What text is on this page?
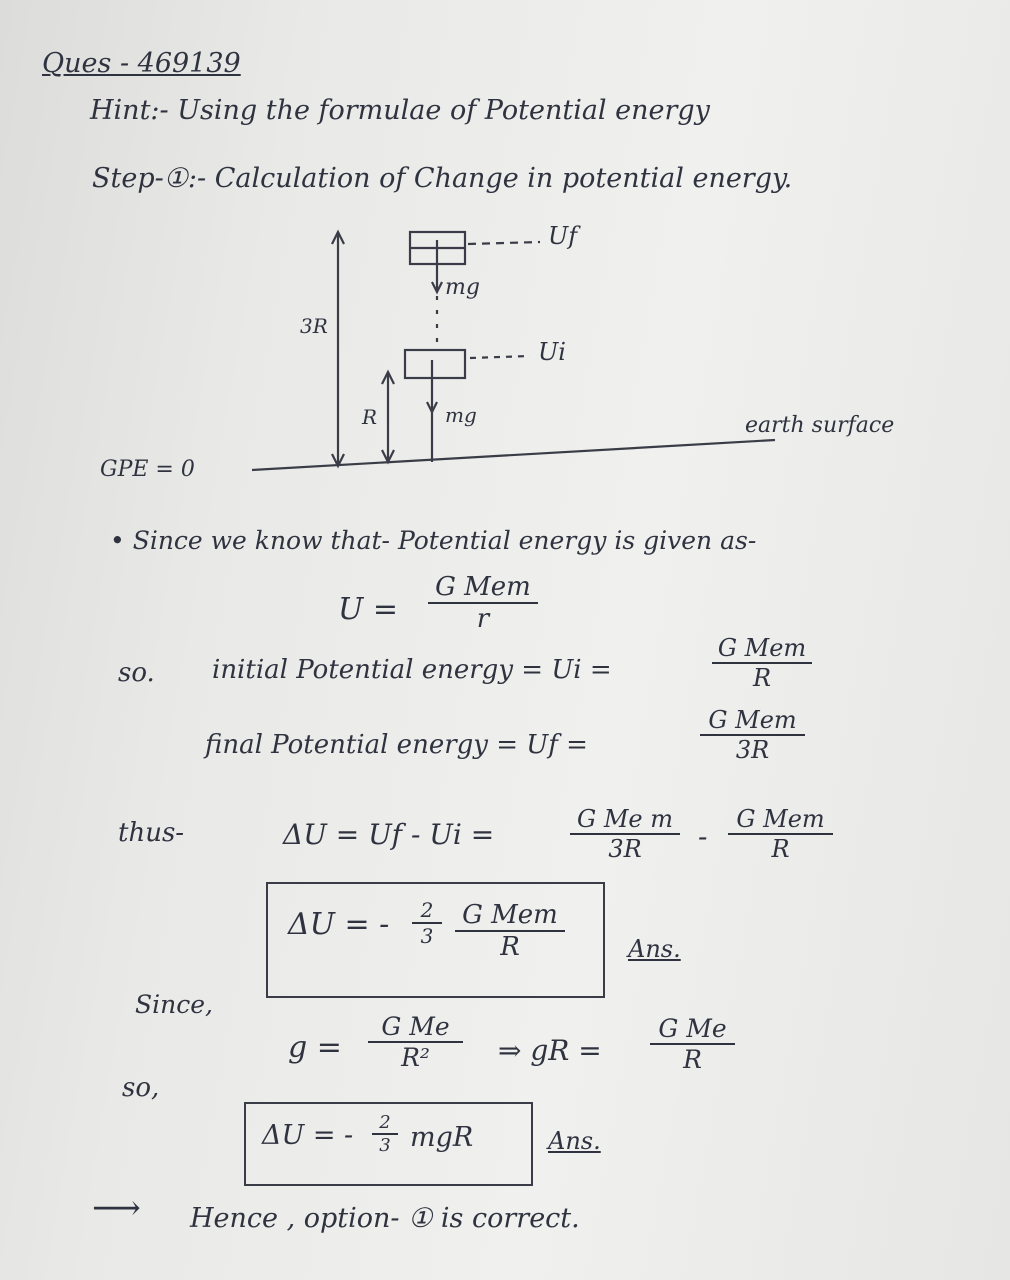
Ques - 469139
Hint:- Using the formulae of Potential energy
Step-①:- Calculation of Change in potential energy.
Uf
mg
3R
Ui
R	mg	earth surface
GPE = 0
• Since we know that- Potential energy is given as-
U =
G Mem
r
so. initial Potential energy = Ui =
G Mem
R
final Potential energy = Uf =
G Mem
3R
thus-	ΔU = Uf - Ui =	$\frac{\text{G Me m}}{3R}$ -
G Mem
R
ΔU = - $\frac{2}{3}$ G Mem
R	Ans.
Since,
$g = \frac{\text{G Me}}{\text{R²}}$ ⇒ gR = $\frac{\text{G Me}}{R}$
so,
ΔU = - $\frac{2}{3}$ mgR	Ans.
⟶ Hence , option- ① is correct.
